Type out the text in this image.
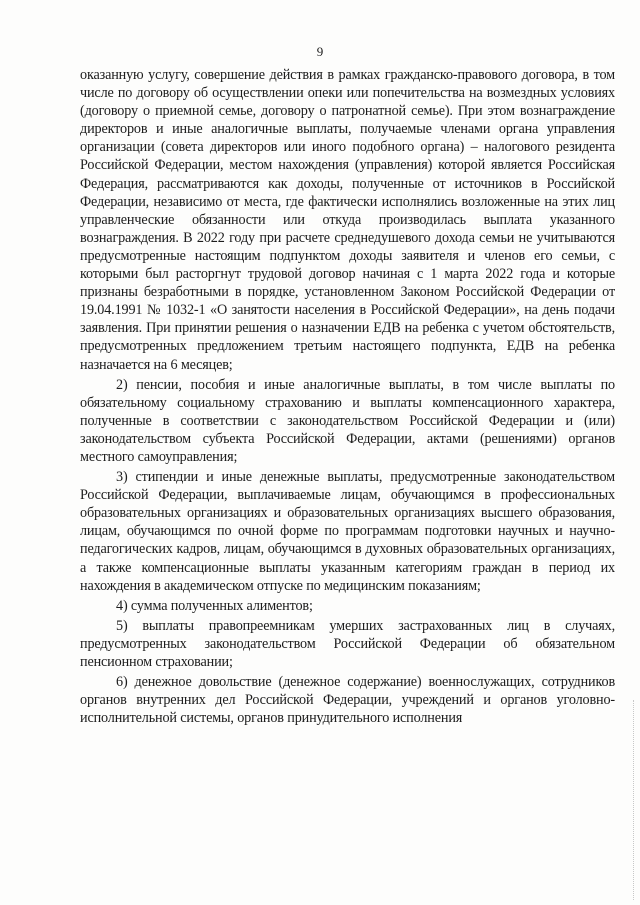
9

оказанную услугу, совершение действия в рамках гражданско-правового договора, в том числе по договору об осуществлении опеки или попечительства на возмездных условиях (договору о приемной семье, договору о патронатной семье). При этом вознаграждение директоров и иные аналогичные выплаты, получаемые членами органа управления организации (совета директоров или иного подобного органа) – налогового резидента Российской Федерации, местом нахождения (управления) которой является Российская Федерация, рассматриваются как доходы, полученные от источников в Российской Федерации, независимо от места, где фактически исполнялись возложенные на этих лиц управленческие обязанности или откуда производилась выплата указанного вознаграждения. В 2022 году при расчете среднедушевого дохода семьи не учитываются предусмотренные настоящим подпунктом доходы заявителя и членов его семьи, с которыми был расторгнут трудовой договор начиная с 1 марта 2022 года и которые признаны безработными в порядке, установленном Законом Российской Федерации от 19.04.1991 № 1032-1 «О занятости населения в Российской Федерации», на день подачи заявления. При принятии решения о назначении ЕДВ на ребенка с учетом обстоятельств, предусмотренных предложением третьим настоящего подпункта, ЕДВ на ребенка назначается на 6 месяцев;

2) пенсии, пособия и иные аналогичные выплаты, в том числе выплаты по обязательному социальному страхованию и выплаты компенсационного характера, полученные в соответствии с законодательством Российской Федерации и (или) законодательством субъекта Российской Федерации, актами (решениями) органов местного самоуправления;

3) стипендии и иные денежные выплаты, предусмотренные законодательством Российской Федерации, выплачиваемые лицам, обучающимся в профессиональных образовательных организациях и образовательных организациях высшего образования, лицам, обучающимся по очной форме по программам подготовки научных и научно-педагогических кадров, лицам, обучающимся в духовных образовательных организациях, а также компенсационные выплаты указанным категориям граждан в период их нахождения в академическом отпуске по медицинским показаниям;

4) сумма полученных алиментов;

5) выплаты правопреемникам умерших застрахованных лиц в случаях, предусмотренных законодательством Российской Федерации об обязательном пенсионном страховании;

6) денежное довольствие (денежное содержание) военнослужащих, сотрудников органов внутренних дел Российской Федерации, учреждений и органов уголовно-исполнительной системы, органов принудительного исполнения
